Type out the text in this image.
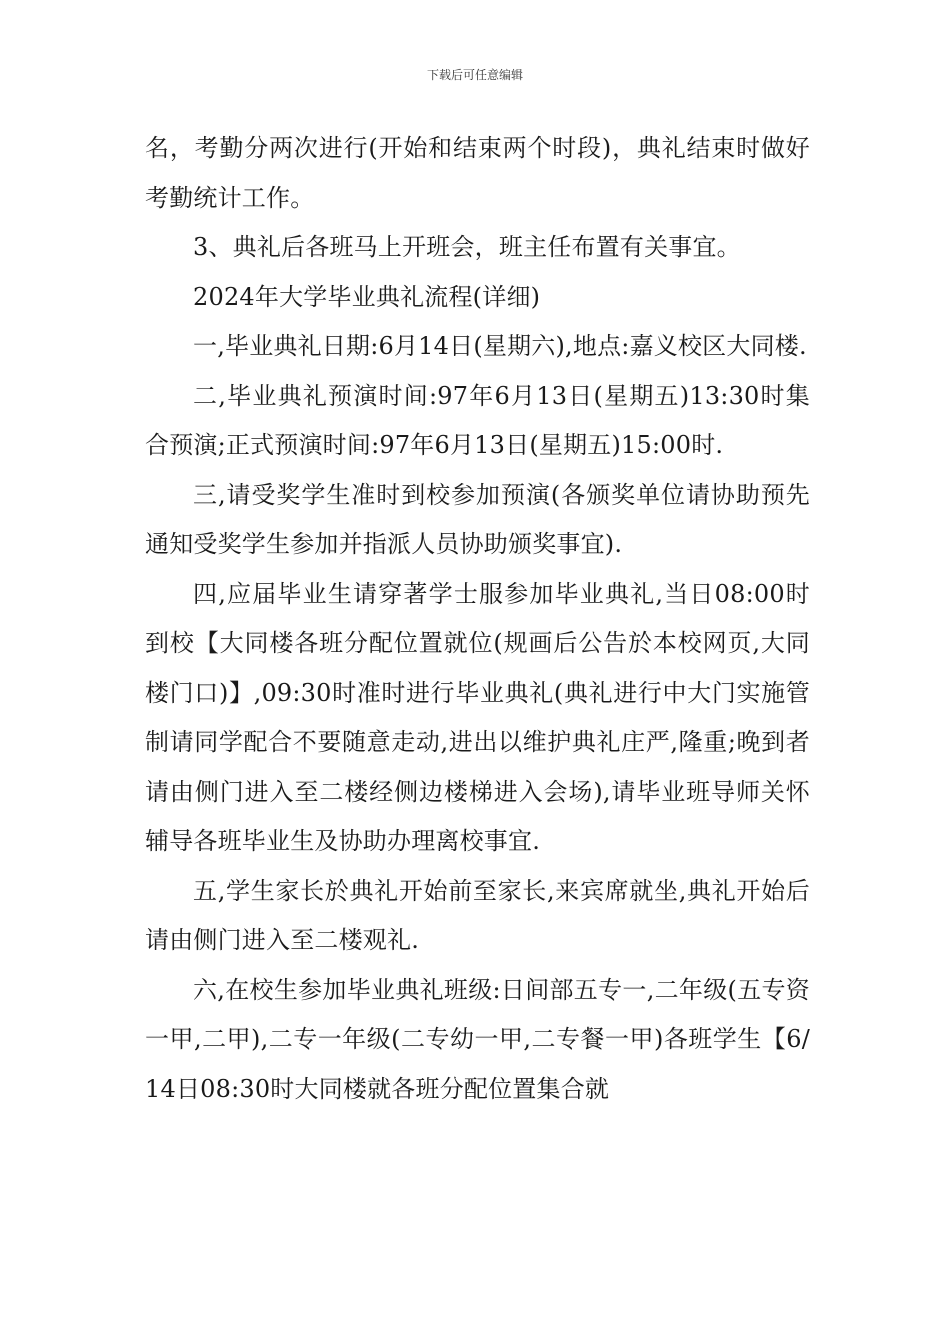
下载后可任意编辑

名，考勤分两次进行(开始和结束两个时段)，典礼结束时做好考勤统计工作。

3、典礼后各班马上开班会，班主任布置有关事宜。

2024年大学毕业典礼流程(详细)

一,毕业典礼日期:6月14日(星期六),地点:嘉义校区大同楼.

二,毕业典礼预演时间:97年6月13日(星期五)13:30时集合预演;正式预演时间:97年6月13日(星期五)15:00时.

三,请受奖学生准时到校参加预演(各颁奖单位请协助预先通知受奖学生参加并指派人员协助颁奖事宜).

四,应届毕业生请穿著学士服参加毕业典礼,当日08:00时到校【大同楼各班分配位置就位(规画后公告於本校网页,大同楼门口)】,09:30时准时进行毕业典礼(典礼进行中大门实施管制请同学配合不要随意走动,进出以维护典礼庄严,隆重;晚到者请由侧门进入至二楼经侧边楼梯进入会场),请毕业班导师关怀辅导各班毕业生及协助办理离校事宜.

五,学生家长於典礼开始前至家长,来宾席就坐,典礼开始后请由侧门进入至二楼观礼.

六,在校生参加毕业典礼班级:日间部五专一,二年级(五专资一甲,二甲),二专一年级(二专幼一甲,二专餐一甲)各班学生【6/14日08:30时大同楼就各班分配位置集合就
